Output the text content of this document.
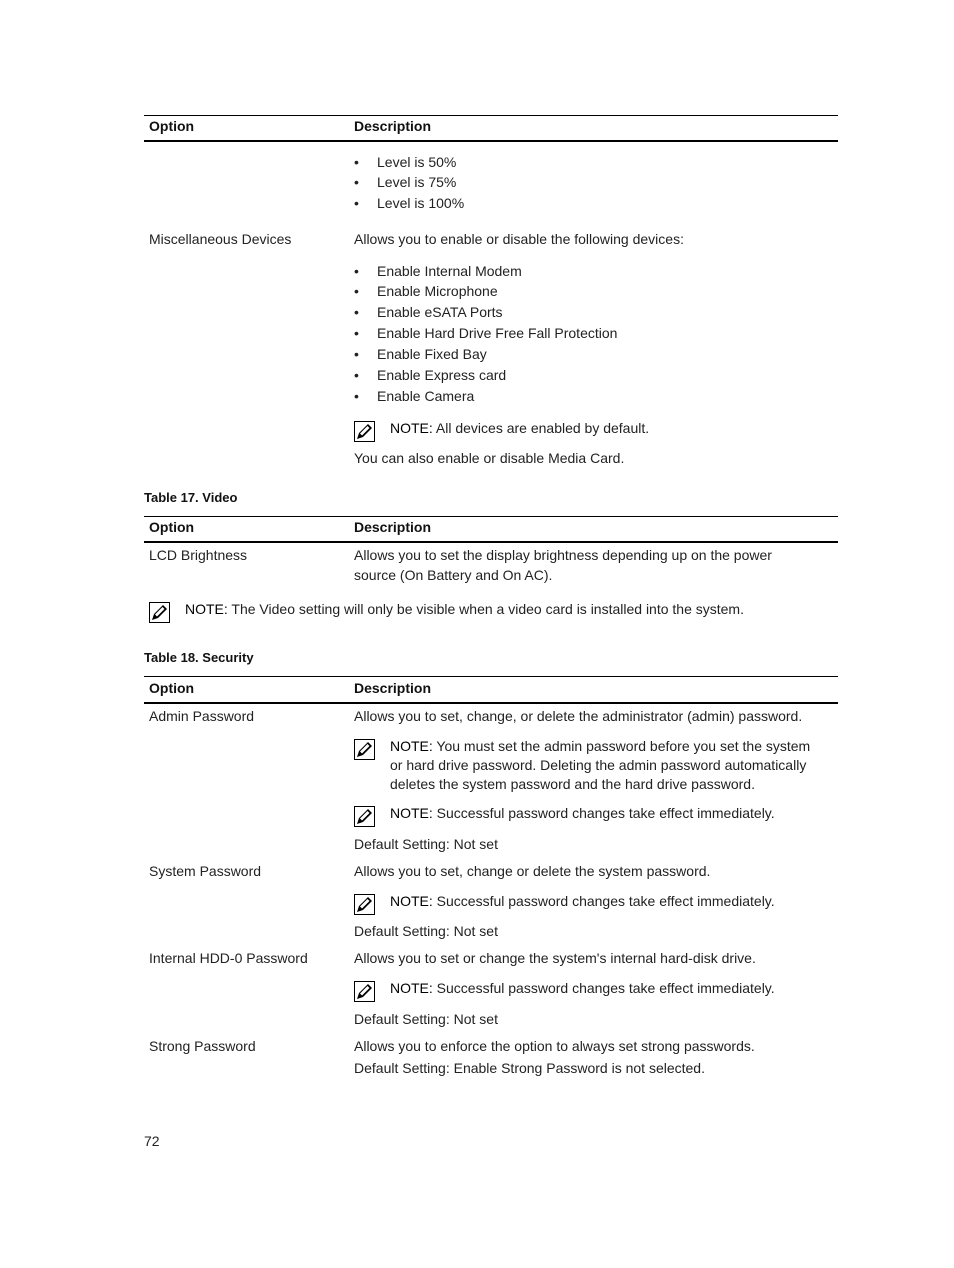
Option	Description
• Level is 50%
• Level is 75%
• Level is 100%
Miscellaneous Devices	Allows you to enable or disable the following devices:
• Enable Internal Modem
• Enable Microphone
• Enable eSATA Ports
• Enable Hard Drive Free Fall Protection
• Enable Fixed Bay
• Enable Express card
• Enable Camera
NOTE: All devices are enabled by default.
You can also enable or disable Media Card.
Table 17. Video
Option	Description
LCD Brightness	Allows you to set the display brightness depending up on the power
source (On Battery and On AC).
NOTE: The Video setting will only be visible when a video card is installed into the system.
Table 18. Security
Option	Description
Admin Password	Allows you to set, change, or delete the administrator (admin) password.
NOTE: You must set the admin password before you set the system
or hard drive password. Deleting the admin password automatically
deletes the system password and the hard drive password.
NOTE: Successful password changes take effect immediately.
Default Setting: Not set
System Password	Allows you to set, change or delete the system password.
NOTE: Successful password changes take effect immediately.
Default Setting: Not set
Internal HDD-0 Password	Allows you to set or change the system's internal hard-disk drive.
NOTE: Successful password changes take effect immediately.
Default Setting: Not set
Strong Password	Allows you to enforce the option to always set strong passwords.
Default Setting: Enable Strong Password is not selected.
72
